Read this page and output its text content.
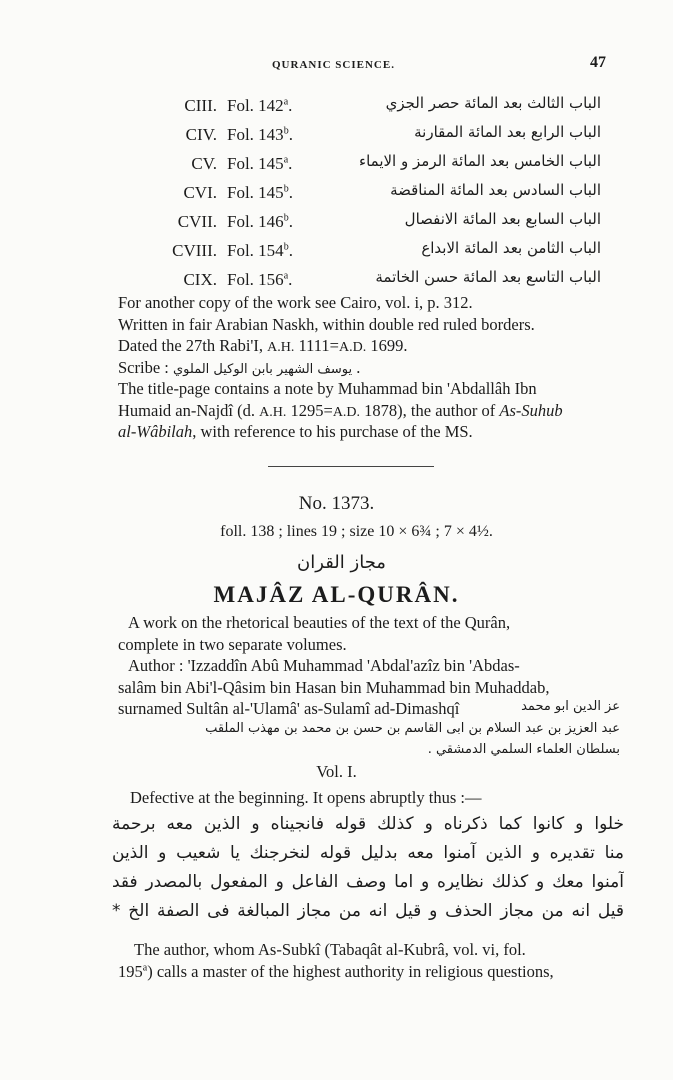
QURANIC SCIENCE.	47
CIII. Fol. 142$^a$.	الباب الثالث بعد المائة حصر الجزي
CIV. Fol. 143$^b$.	الباب الرابع بعد المائة المقارنة
CV. Fol. 145$^a$.	الباب الخامس بعد المائة الرمز و الايماء
CVI. Fol. 145$^b$.	الباب السادس بعد المائة المناقضة
CVII. Fol. 146$^b$.	الباب السابع بعد المائة الانفصال
CVIII. Fol. 154$^b$.	الباب الثامن بعد المائة الابداع
CIX. Fol. 156$^a$.	الباب التاسع بعد المائة حسن الخاتمة
For another copy of the work see Cairo, vol. i, p. 312.
Written in fair Arabian Naskh, within double red ruled borders.
Dated the 27th Rabi'I, A.H. 1111=A.D. 1699.
Scribe : يوسف الشهير بابن الوكيل الملوي .
The title-page contains a note by Muhammad bin 'Abdallâh Ibn
Humaid an-Najdî (d. A.H. 1295=A.D. 1878), the author of As-Suhub
al-Wâbilah, with reference to his purchase of the MS.
No. 1373.
foll. 138 ; lines 19 ; size 10 × 6¾ ; 7 × 4½.
مجاز القران
MAJÂZ AL-QURÂN.
A work on the rhetorical beauties of the text of the Qurân,
complete in two separate volumes.
Author : 'Izzaddîn Abû Muhammad 'Abdal'azîz bin 'Abdas-
salâm bin Abi'l-Qâsim bin Hasan bin Muhammad bin Muhaddab,
surnamed Sultân al-'Ulamâ' as-Sulamî ad-Dimashqî	عز الدين ابو محمد
عبد العزيز بن عبد السلام بن ابى القاسم بن حسن بن محمد بن مهذب الملقب
بسلطان العلماء السلمي الدمشقي .
Vol. I.
Defective at the beginning. It opens abruptly thus :—
خلوا و كانوا كما ذكرناه و كذلك قوله فانجيناه و الذين معه برحمة
منا تقديره و الذين آمنوا معه بدليل قوله لنخرجنك يا شعيب و الذين
آمنوا معك و كذلك نظايره و اما وصف الفاعل و المفعول بالمصدر فقد
قيل انه من مجاز الحذف و قيل انه من مجاز المبالغة فى الصفة الخ *
The author, whom As-Subkî (Tabaqât al-Kubrâ, vol. vi, fol.
195$^a$) calls a master of the highest authority in religious questions,
